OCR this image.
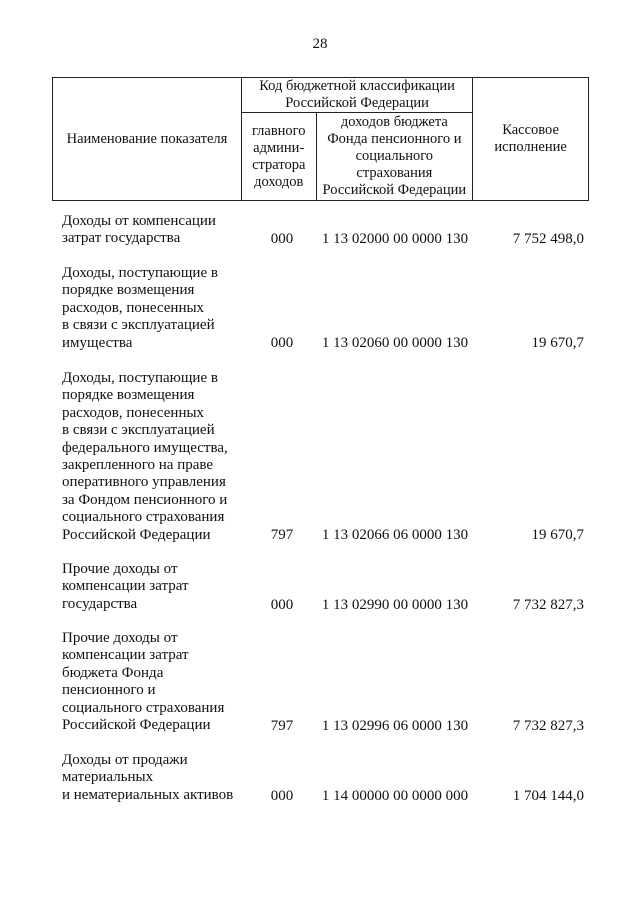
28
Наименование показателя	Код бюджетной классификации Российской Федерации		Кассовое исполнение
	главного админи-стратора доходов	доходов бюджета Фонда пенсионного и социального страхования Российской Федерации	
Доходы от компенсации
затрат государства	000	1 13 02000 00 0000 130	7 752 498,0
Доходы, поступающие в
порядке возмещения
расходов, понесенных
в связи с эксплуатацией
имущества	000	1 13 02060 00 0000 130	19 670,7
Доходы, поступающие в
порядке возмещения
расходов, понесенных
в связи с эксплуатацией
федерального имущества,
закрепленного на праве
оперативного управления
за Фондом пенсионного и
социального страхования
Российской Федерации	797	1 13 02066 06 0000 130	19 670,7
Прочие доходы от
компенсации затрат
государства	000	1 13 02990 00 0000 130	7 732 827,3
Прочие доходы от
компенсации затрат
бюджета Фонда
пенсионного и
социального страхования
Российской Федерации	797	1 13 02996 06 0000 130	7 732 827,3
Доходы от продажи
материальных
и нематериальных активов	000	1 14 00000 00 0000 000	1 704 144,0
